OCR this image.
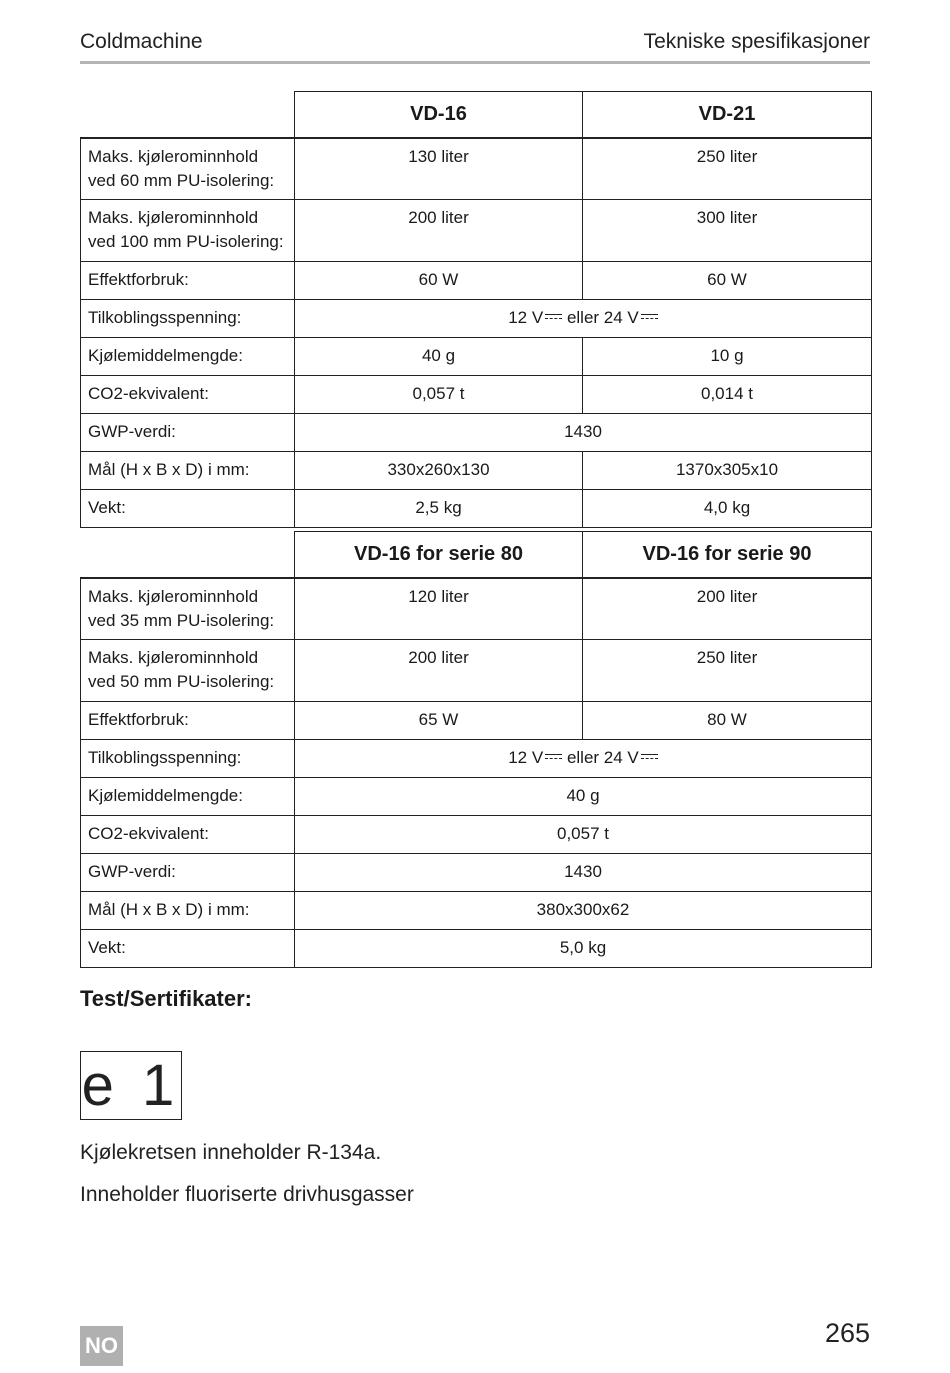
Coldmachine	Tekniske spesifikasjoner
	VD-16	VD-21
Maks. kjølerominnhold ved 60 mm PU-isolering:	130 liter	250 liter
Maks. kjølerominnhold ved 100 mm PU-isolering:	200 liter	300 liter
Effektforbruk:	60 W	60 W
Tilkoblingsspenning:	12 V eller 24 V	
Kjølemiddelmengde:	40 g	10 g
CO2-ekvivalent:	0,057 t	0,014 t
GWP-verdi:	1430	
Mål (H x B x D) i mm:	330x260x130	1370x305x10
Vekt:	2,5 kg	4,0 kg
	VD-16 for serie 80	VD-16 for serie 90
Maks. kjølerominnhold ved 35 mm PU-isolering:	120 liter	200 liter
Maks. kjølerominnhold ved 50 mm PU-isolering:	200 liter	250 liter
Effektforbruk:	65 W	80 W
Tilkoblingsspenning:	12 V eller 24 V	
Kjølemiddelmengde:	40 g	
CO2-ekvivalent:	0,057 t	
GWP-verdi:	1430	
Mål (H x B x D) i mm:	380x300x62	
Vekt:	5,0 kg	
Test/Sertifikater:
e 1

Kjølekretsen inneholder R-134a.

Inneholder fluoriserte drivhusgasser

NO	265
